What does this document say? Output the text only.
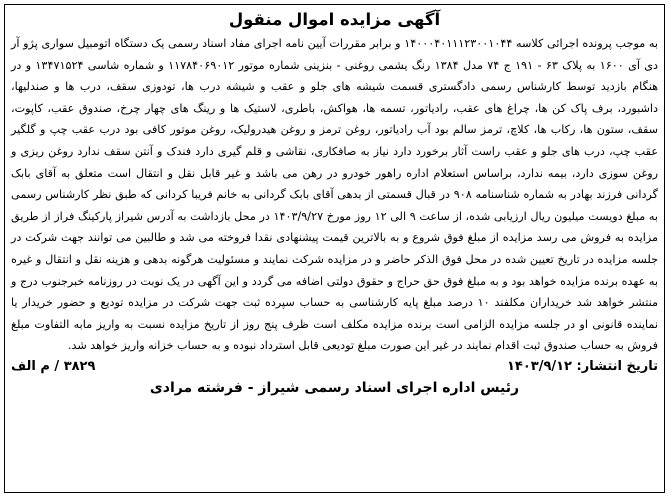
آگهی مزایده اموال منقول

به موجب پرونده اجرائی کلاسه ۱۴۰۰۰۴۰۱۱۱۲۳۰۰۱۰۴۴ و برابر مقررات آیین نامه اجرای مفاد اسناد رسمی یک دستگاه اتومبیل سواری پژو آر دی آی ۱۶۰۰ به پلاک ۶۳ - ۱۹۱ ج ۷۴ مدل ۱۳۸۴ رنگ یشمی روغنی - بنزینی شماره موتور ۱۱۷۸۴۰۶۹۰۱۲ و شماره شاسی ۱۳۴۷۱۵۲۴ و در هنگام بازدید توسط کارشناس رسمی دادگستری قسمت شیشه های جلو و عقب و شیشه درب ها، تودوزی سقف، درب ها و صندلیها، داشبورد، برف پاک کن ها، چراغ های عقب، رادیاتور، تسمه ها، هواکش، باطری، لاستیک ها و رینگ های چهار چرخ، صندوق عقب، کاپوت، سقف، ستون ها، رکاب ها، کلاچ، ترمز سالم بود آب رادیاتور، روغن ترمز و روغن هیدرولیک، روغن موتور کافی بود درب عقب چپ و گلگیر عقب چپ، درب های جلو و عقب راست آثار برخورد دارد نیاز به صافکاری، نقاشی و قلم گیری دارد فندک و آنتن سقف ندارد روغن ریزی و روغن سوزی دارد، بیمه ندارد، براساس استعلام اداره راهور خودرو در رهن می باشد و غیر قابل نقل و انتقال است متعلق به آقای بابک گردانی فرزند بهادر به شماره شناسنامه ۹۰۸ در قبال قسمتی از بدهی آقای بابک گردانی به خانم فریبا کردانی که طبق نظر کارشناس رسمی به مبلغ دویست میلیون ریال ارزیابی شده، از ساعت ۹ الی ۱۲ روز مورخ ۱۴۰۳/۹/۲۷ در محل بازداشت به آدرس شیراز پارکینگ فراز از طریق مزایده به فروش می رسد مزایده از مبلغ فوق شروع و به بالاترین قیمت پیشنهادی نقدا فروخته می شد و طالبین می توانند جهت شرکت در جلسه مزایده در تاریخ تعیین شده در محل فوق الذکر حاضر و در مزایده شرکت نمایند و مسئولیت هرگونه بدهی و هزینه نقل و انتقال و غیره به عهده برنده مزایده خواهد بود و به مبلغ فوق حق حراج و حقوق دولتی اضافه می گردد و این آگهی در یک نوبت در روزنامه خبرجنوب درج و منتشر خواهد شد خریداران مکلفند ۱۰ درصد مبلغ پایه کارشناسی به حساب سپرده ثبت جهت شرکت در مزایده تودیع و حضور خریدار یا نماینده قانونی او در جلسه مزایده الزامی است برنده مزایده مکلف است ظرف پنج روز از تاریخ مزایده نسبت به واریز مابه التفاوت مبلغ فروش به حساب صندوق ثبت اقدام نمایند در غیر این صورت مبلغ تودیعی قابل استرداد نبوده و به حساب خزانه واریز خواهد شد.

تاریخ انتشار: ۱۴۰۳/۹/۱۲
۳۸۲۹ / م الف
رئیس اداره اجرای اسناد رسمی شیراز - فرشته مرادی
